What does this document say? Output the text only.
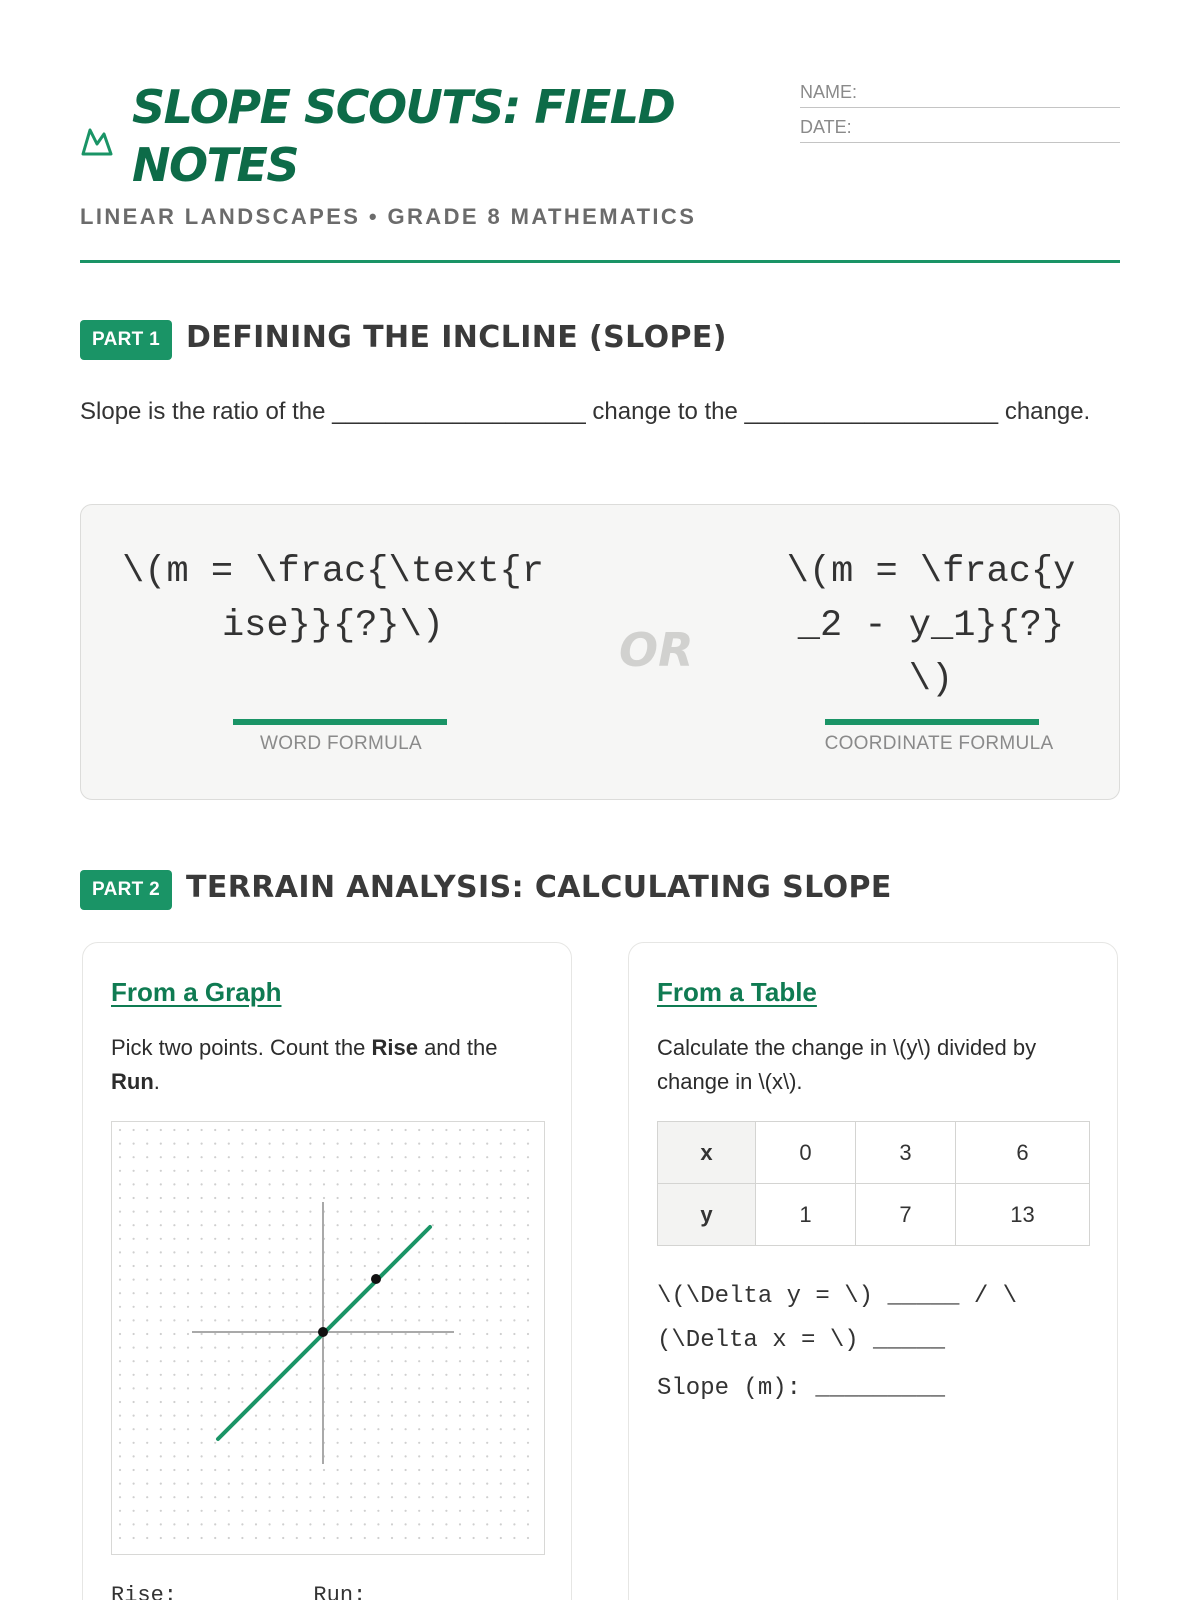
SLOPE SCOUTS: FIELD NOTES
LINEAR LANDSCAPES • GRADE 8 MATHEMATICS
NAME:
DATE:
PART 1 DEFINING THE INCLINE (SLOPE)
Slope is the ratio of the ___________________ change to the ___________________ change.
\(m = \frac{\text{rise}}{?}\)
WORD FORMULA
OR
\(m = \frac{y_2 - y_1}{?}\)
COORDINATE FORMULA
PART 2 TERRAIN ANALYSIS: CALCULATING SLOPE
From a Graph
Pick two points. Count the Rise and the
Run.
Rise:	Run:
From a Table
Calculate the change in \(y\) divided by change in \(x\).
x	0	3	6
y	1	7	13
\(\Delta y = \) _____ / \(\Delta x = \) _____
Slope (m): _________
